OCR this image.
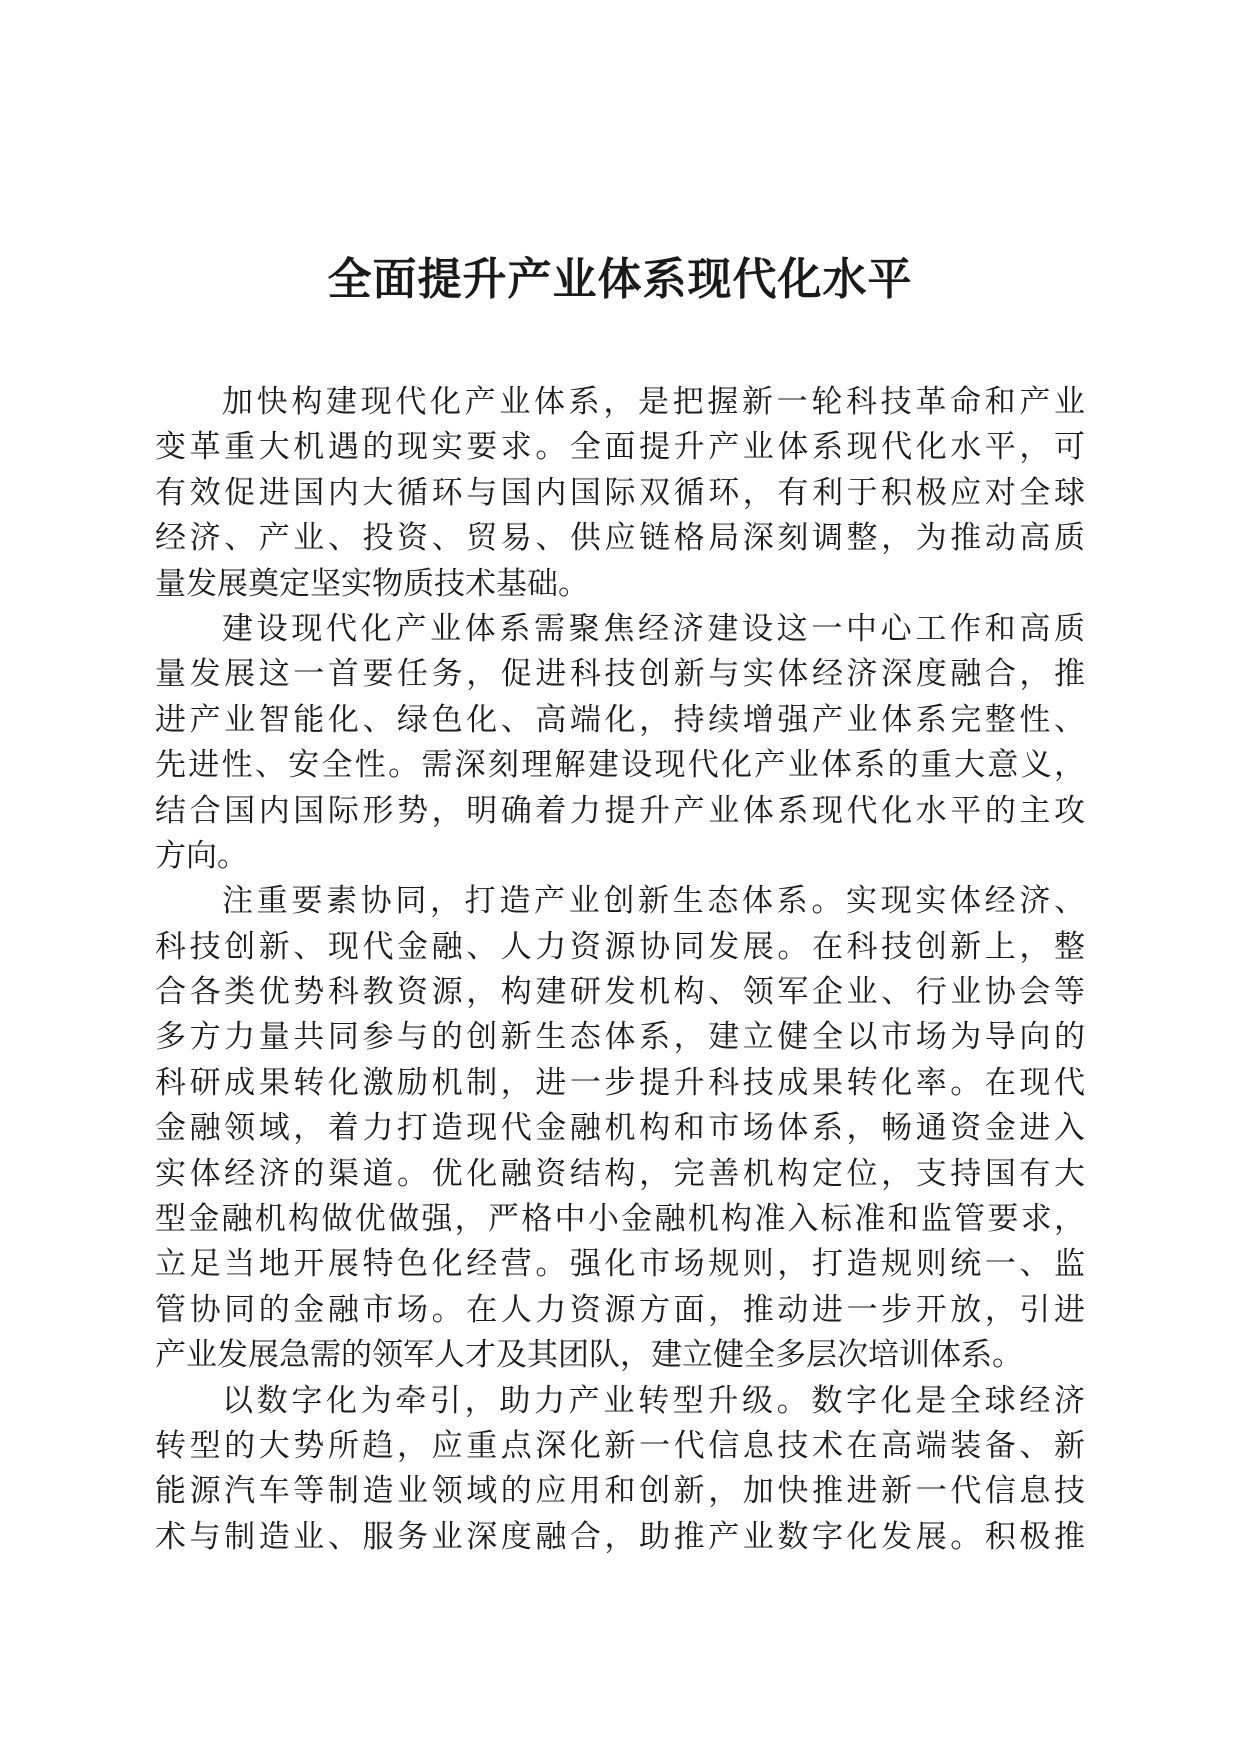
全面提升产业体系现代化水平
加快构建现代化产业体系，是把握新一轮科技革命和产业
变革重大机遇的现实要求。全面提升产业体系现代化水平，可
有效促进国内大循环与国内国际双循环，有利于积极应对全球
经济、产业、投资、贸易、供应链格局深刻调整，为推动高质
量发展奠定坚实物质技术基础。
建设现代化产业体系需聚焦经济建设这一中心工作和高质
量发展这一首要任务，促进科技创新与实体经济深度融合，推
进产业智能化、绿色化、高端化，持续增强产业体系完整性、
先进性、安全性。需深刻理解建设现代化产业体系的重大意义，
结合国内国际形势，明确着力提升产业体系现代化水平的主攻
方向。
注重要素协同，打造产业创新生态体系。实现实体经济、
科技创新、现代金融、人力资源协同发展。在科技创新上，整
合各类优势科教资源，构建研发机构、领军企业、行业协会等
多方力量共同参与的创新生态体系，建立健全以市场为导向的
科研成果转化激励机制，进一步提升科技成果转化率。在现代
金融领域，着力打造现代金融机构和市场体系，畅通资金进入
实体经济的渠道。优化融资结构，完善机构定位，支持国有大
型金融机构做优做强，严格中小金融机构准入标准和监管要求，
立足当地开展特色化经营。强化市场规则，打造规则统一、监
管协同的金融市场。在人力资源方面，推动进一步开放，引进
产业发展急需的领军人才及其团队，建立健全多层次培训体系。
以数字化为牵引，助力产业转型升级。数字化是全球经济
转型的大势所趋，应重点深化新一代信息技术在高端装备、新
能源汽车等制造业领域的应用和创新，加快推进新一代信息技
术与制造业、服务业深度融合，助推产业数字化发展。积极推
